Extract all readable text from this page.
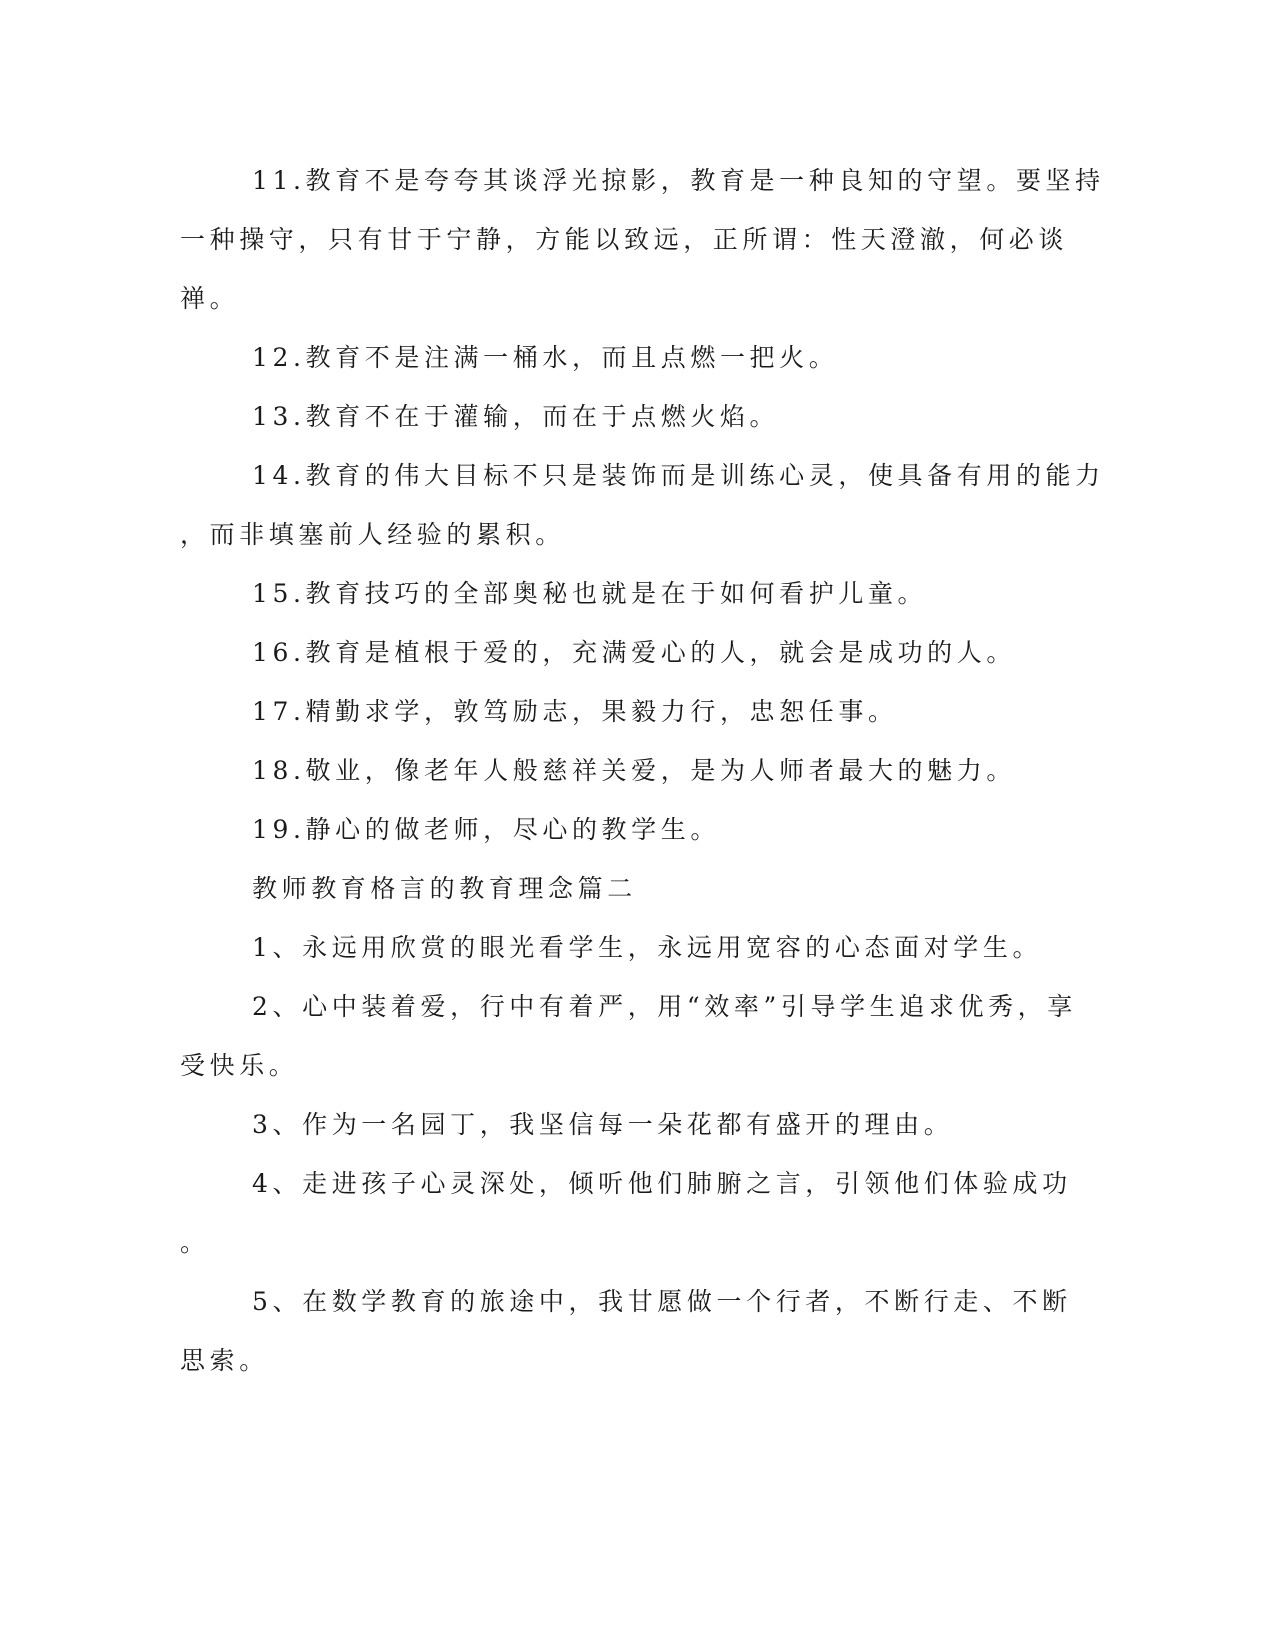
11.教育不是夸夸其谈浮光掠影，教育是一种良知的守望。要坚持
一种操守，只有甘于宁静，方能以致远，正所谓：性天澄澈，何必谈
禅。
12.教育不是注满一桶水，而且点燃一把火。
13.教育不在于灌输，而在于点燃火焰。
14.教育的伟大目标不只是装饰而是训练心灵，使具备有用的能力
，而非填塞前人经验的累积。
15.教育技巧的全部奥秘也就是在于如何看护儿童。
16.教育是植根于爱的，充满爱心的人，就会是成功的人。
17.精勤求学，敦笃励志，果毅力行，忠恕任事。
18.敬业，像老年人般慈祥关爱，是为人师者最大的魅力。
19.静心的做老师，尽心的教学生。
教师教育格言的教育理念篇二
1、永远用欣赏的眼光看学生，永远用宽容的心态面对学生。
2、心中装着爱，行中有着严，用“效率”引导学生追求优秀，享
受快乐。
3、作为一名园丁，我坚信每一朵花都有盛开的理由。
4、走进孩子心灵深处，倾听他们肺腑之言，引领他们体验成功
。
5、在数学教育的旅途中，我甘愿做一个行者，不断行走、不断
思索。
